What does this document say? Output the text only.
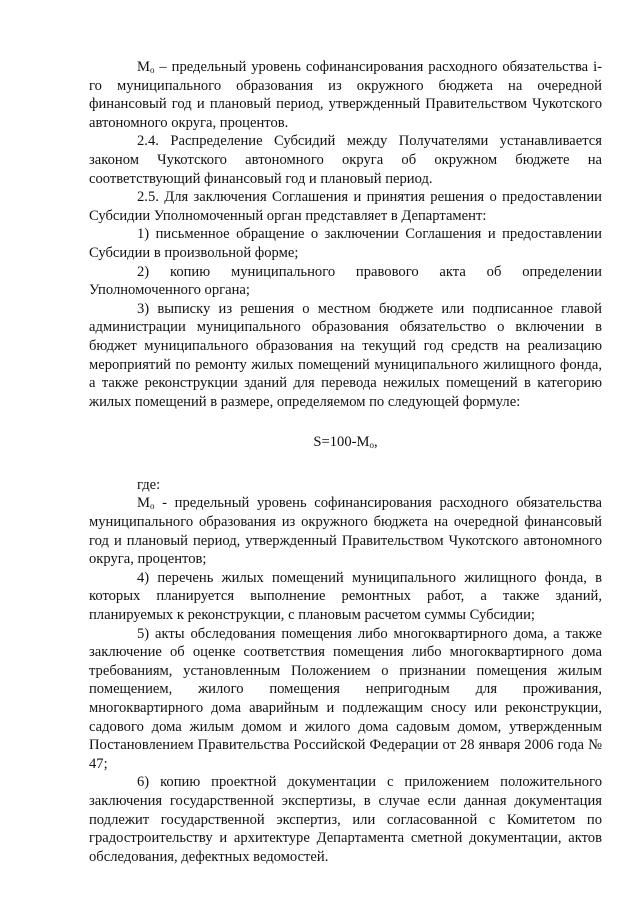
$М_о$ – предельный уровень софинансирования расходного обязательства i-го муниципального образования из окружного бюджета на очередной финансовый год и плановый период, утвержденный Правительством Чукотского автономного округа, процентов.

2.4. Распределение Субсидий между Получателями устанавливается законом Чукотского автономного округа об окружном бюджете на соответствующий финансовый год и плановый период.

2.5. Для заключения Соглашения и принятия решения о предоставлении Субсидии Уполномоченный орган представляет в Департамент:

1) письменное обращение о заключении Соглашения и предоставлении Субсидии в произвольной форме;

2) копию муниципального правового акта об определении Уполномоченного органа;

3) выписку из решения о местном бюджете или подписанное главой администрации муниципального образования обязательство о включении в бюджет муниципального образования на текущий год средств на реализацию мероприятий по ремонту жилых помещений муниципального жилищного фонда, а также реконструкции зданий для перевода нежилых помещений в категорию жилых помещений в размере, определяемом по следующей формуле:

$S=100-М_о$,

где:

$М_о$ - предельный уровень софинансирования расходного обязательства муниципального образования из окружного бюджета на очередной финансовый год и плановый период, утвержденный Правительством Чукотского автономного округа, процентов;

4) перечень жилых помещений муниципального жилищного фонда, в которых планируется выполнение ремонтных работ, а также зданий, планируемых к реконструкции, с плановым расчетом суммы Субсидии;

5) акты обследования помещения либо многоквартирного дома, а также заключение об оценке соответствия помещения либо многоквартирного дома требованиям, установленным Положением о признании помещения жилым помещением, жилого помещения непригодным для проживания, многоквартирного дома аварийным и подлежащим сносу или реконструкции, садового дома жилым домом и жилого дома садовым домом, утвержденным Постановлением Правительства Российской Федерации от 28 января 2006 года № 47;

6) копию проектной документации с приложением положительного заключения государственной экспертизы, в случае если данная документация подлежит государственной экспертиз, или согласованной с Комитетом по градостроительству и архитектуре Департамента сметной документации, актов обследования, дефектных ведомостей.
